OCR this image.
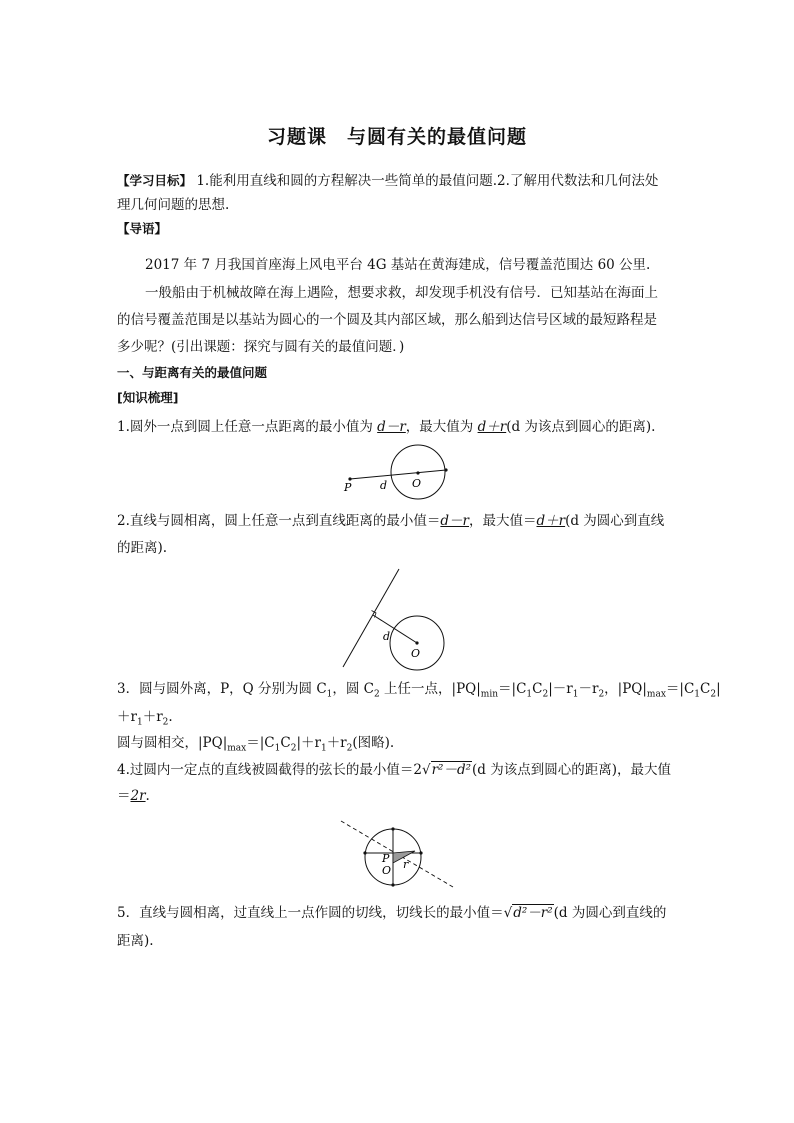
习题课　与圆有关的最值问题
【学习目标】 1.能利用直线和圆的方程解决一些简单的最值问题.2.了解用代数法和几何法处
理几何问题的思想.
【导语】
2017 年 7 月我国首座海上风电平台 4G 基站在黄海建成，信号覆盖范围达 60 公里.
一般船由于机械故障在海上遇险，想要求救，却发现手机没有信号．已知基站在海面上
的信号覆盖范围是以基站为圆心的一个圆及其内部区域，那么船到达信号区域的最短路程是
多少呢？(引出课题：探究与圆有关的最值问题．)
一、与距离有关的最值问题
[知识梳理]
1.圆外一点到圆上任意一点距离的最小值为 d－r，最大值为 d＋r(d 为该点到圆心的距离).
P	d O
2.直线与圆相离，圆上任意一点到直线距离的最小值＝d－r，最大值＝d＋r(d 为圆心到直线
的距离).
d
O
3．圆与圆外离，P，Q 分别为圆 $C_1$，圆 $C_2$ 上任一点，$|PQ|_{min}=|C_1C_2|-r_1-r_2$，$|PQ|_{max}=|C_1C_2|$
$+r_1+r_2$.
圆与圆相交，$|PQ|_{max}=|C_1C_2|+r_1+r_2$(图略).
4.过圆内一定点的直线被圆截得的弦长的最小值＝2√r²－d²(d 为该点到圆心的距离)，最大值
＝2r.
P
O r
5．直线与圆相离，过直线上一点作圆的切线，切线长的最小值＝√d²－r²(d 为圆心到直线的
距离).
